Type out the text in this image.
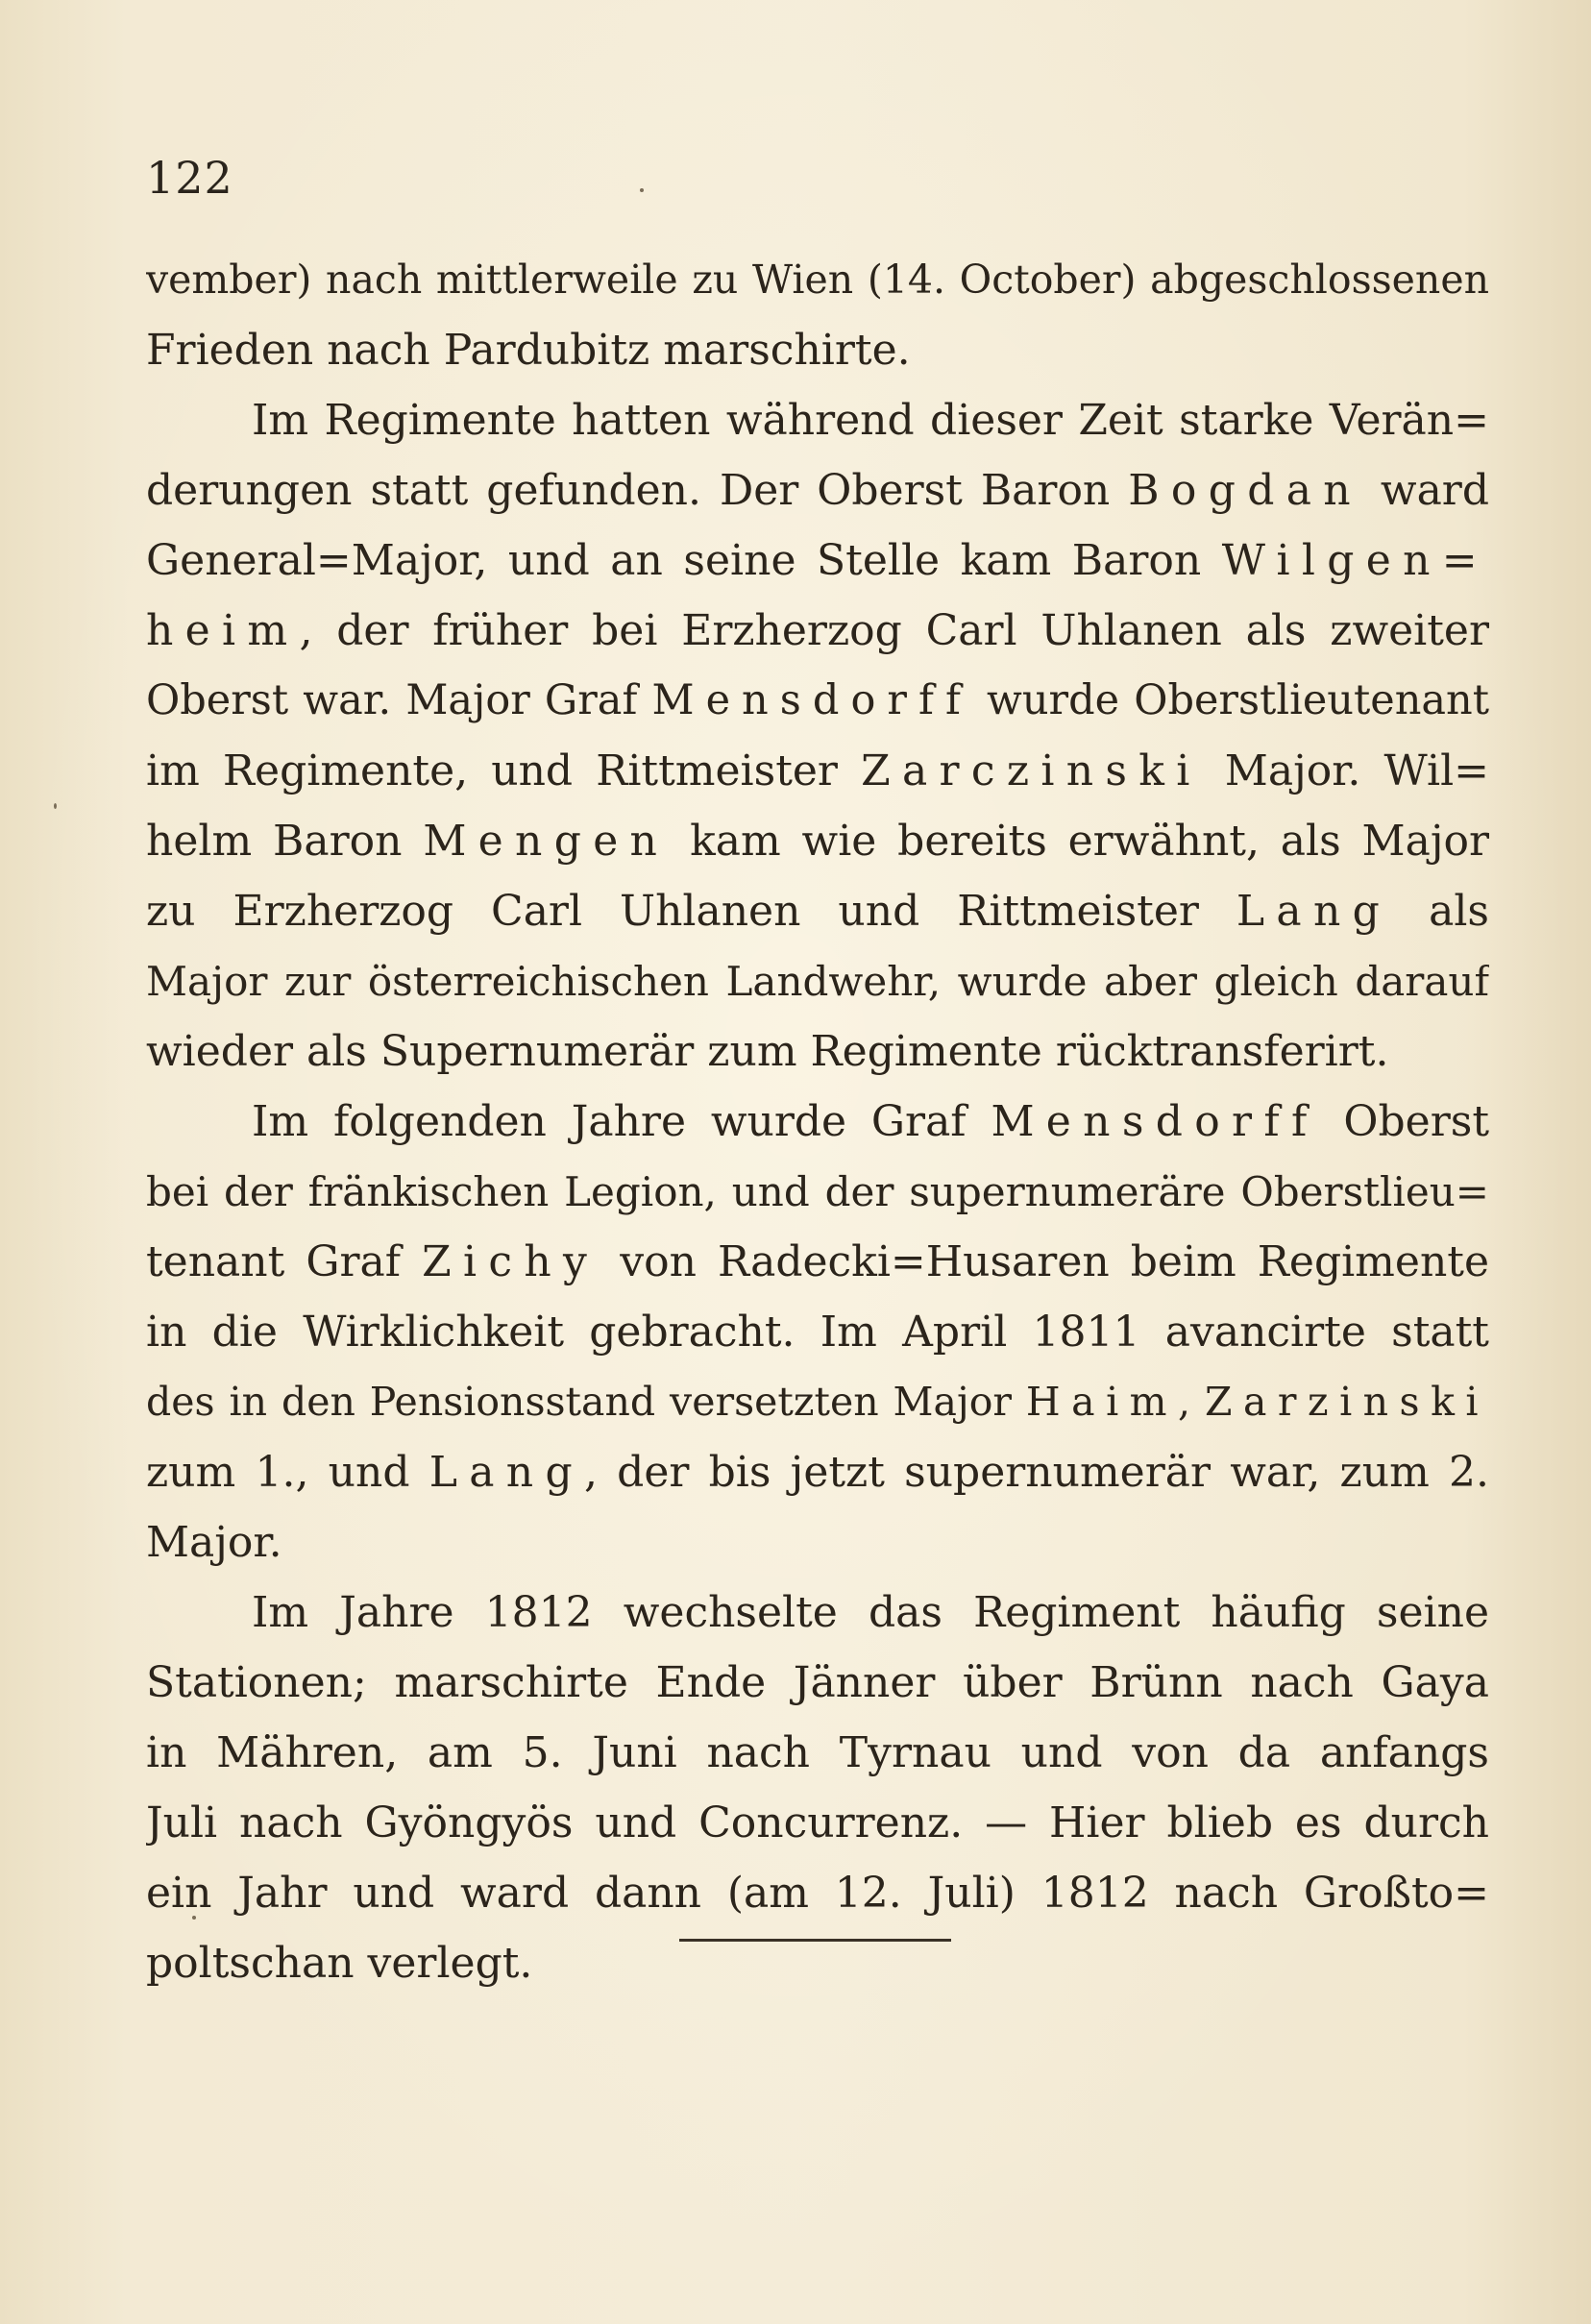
122
vember) nach mittlerweile zu Wien (14. October) abgeschlossenen
Frieden nach Pardubitz marschirte.
Im Regimente hatten während dieser Zeit starke Verän=
derungen statt gefunden. Der Oberst Baron Bogdan ward
General=Major, und an seine Stelle kam Baron Wilgen=
heim, der früher bei Erzherzog Carl Uhlanen als zweiter
Oberst war. Major Graf Mensdorff wurde Oberstlieutenant
im Regimente, und Rittmeister Zarczinski Major. Wil=
helm Baron Mengen kam wie bereits erwähnt, als Major
zu Erzherzog Carl Uhlanen und Rittmeister Lang als
Major zur österreichischen Landwehr, wurde aber gleich darauf
wieder als Supernumerär zum Regimente rücktransferirt.
Im folgenden Jahre wurde Graf Mensdorff Oberst
bei der fränkischen Legion, und der supernumeräre Oberstlieu=
tenant Graf Zichy von Radecki=Husaren beim Regimente
in die Wirklichkeit gebracht. Im April 1811 avancirte statt
des in den Pensionsstand versetzten Major Haim, Zarzinski
zum 1., und Lang, der bis jetzt supernumerär war, zum 2.
Major.
Im Jahre 1812 wechselte das Regiment häufig seine
Stationen; marschirte Ende Jänner über Brünn nach Gaya
in Mähren, am 5. Juni nach Tyrnau und von da anfangs
Juli nach Gyöngyös und Concurrenz. — Hier blieb es durch
ein Jahr und ward dann (am 12. Juli) 1812 nach Großto=
poltschan verlegt.
